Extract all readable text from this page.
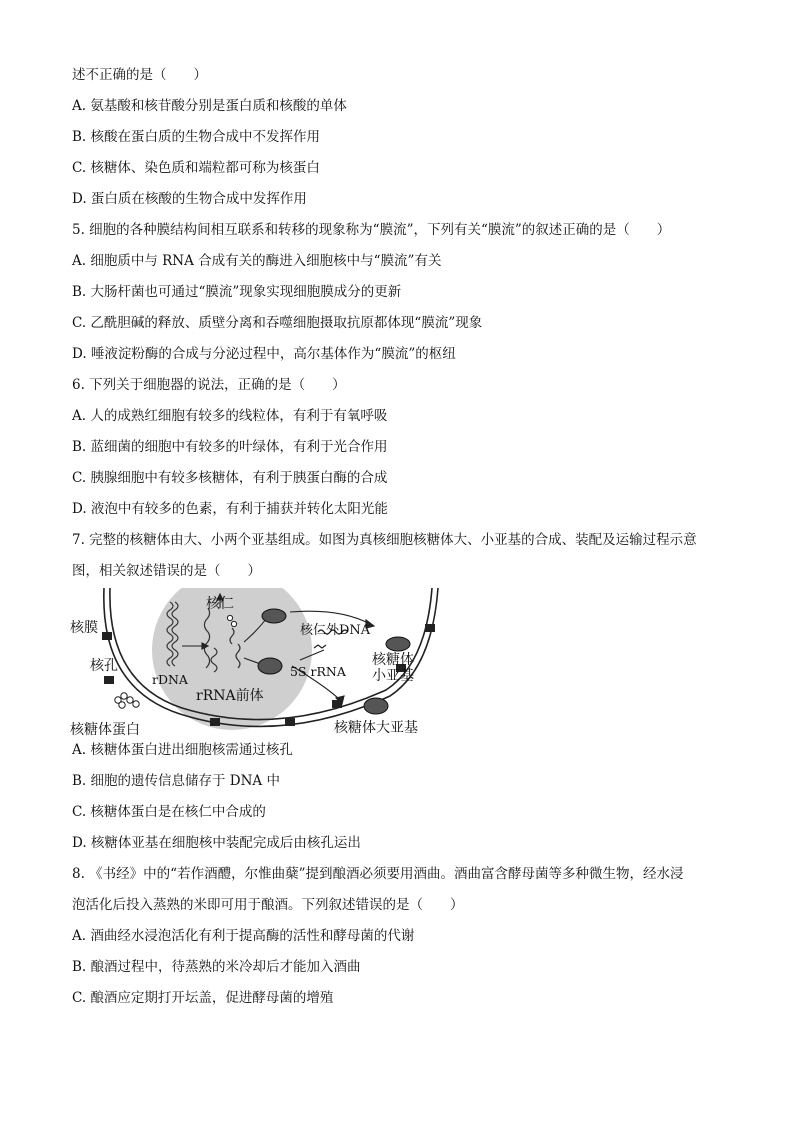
述不正确的是（　　）
A. 氨基酸和核苷酸分别是蛋白质和核酸的单体
B. 核酸在蛋白质的生物合成中不发挥作用
C. 核糖体、染色质和端粒都可称为核蛋白
D. 蛋白质在核酸的生物合成中发挥作用
5. 细胞的各种膜结构间相互联系和转移的现象称为“膜流”，下列有关“膜流”的叙述正确的是（　　）
A. 细胞质中与 RNA 合成有关的酶进入细胞核中与“膜流”有关
B. 大肠杆菌也可通过“膜流”现象实现细胞膜成分的更新
C. 乙酰胆碱的释放、质壁分离和吞噬细胞摄取抗原都体现“膜流”现象
D. 唾液淀粉酶的合成与分泌过程中，高尔基体作为“膜流”的枢纽
6. 下列关于细胞器的说法，正确的是（　　）
A. 人的成熟红细胞有较多的线粒体，有利于有氧呼吸
B. 蓝细菌的细胞中有较多的叶绿体，有利于光合作用
C. 胰腺细胞中有较多核糖体，有利于胰蛋白酶的合成
D. 液泡中有较多的色素，有利于捕获并转化太阳光能
7. 完整的核糖体由大、小两个亚基组成。如图为真核细胞核糖体大、小亚基的合成、装配及运输过程示意
图，相关叙述错误的是（　　）
A. 核糖体蛋白进出细胞核需通过核孔
B. 细胞的遗传信息储存于 DNA 中
C. 核糖体蛋白是在核仁中合成的
D. 核糖体亚基在细胞核中装配完成后由核孔运出
8. 《书经》中的“若作酒醴，尔惟曲蘖”提到酿酒必须要用酒曲。酒曲富含酵母菌等多种微生物，经水浸
泡活化后投入蒸熟的米即可用于酿酒。下列叙述错误的是（　　）
A. 酒曲经水浸泡活化有利于提高酶的活性和酵母菌的代谢
B. 酿酒过程中，待蒸熟的米冷却后才能加入酒曲
C. 酿酒应定期打开坛盖，促进酵母菌的增殖
核仁
核膜
核孔
rDNA
rRNA前体
核仁外DNA
5S rRNA
核糖体
小亚基
核糖体大亚基
核糖体蛋白
